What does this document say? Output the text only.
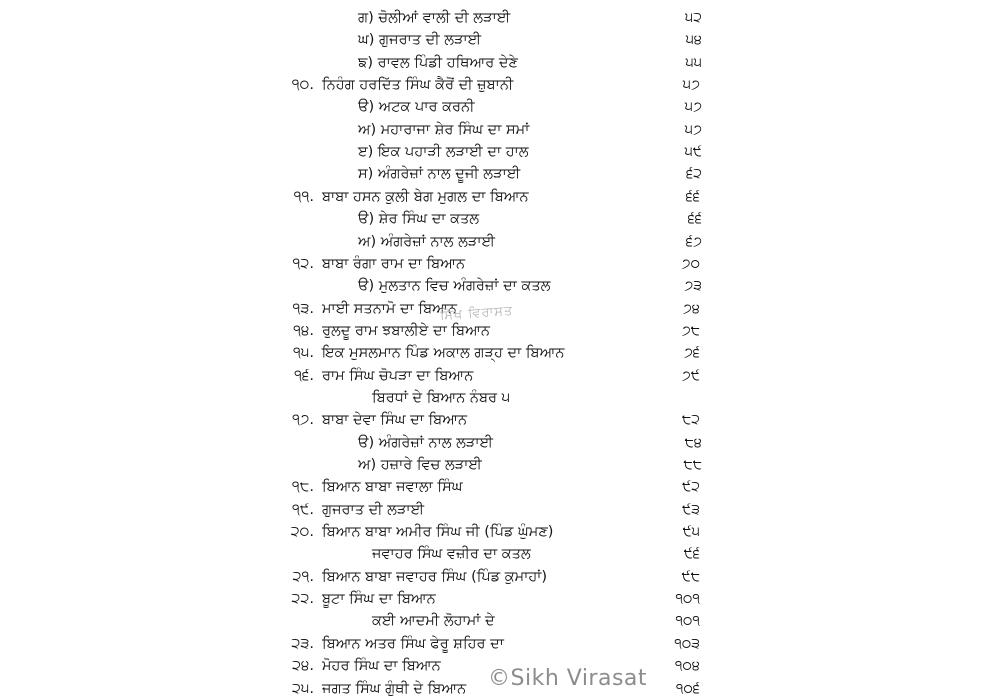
ਗ) ਚੋਲੀਆਂ ਵਾਲੀ ਦੀ ਲੜਾਈ	੫੨
ਘ) ਗੁਜਰਾਤ ਦੀ ਲੜਾਈ	੫੪
ਙ) ਰਾਵਲ ਪਿੰਡੀ ਹਥਿਆਰ ਦੇਣੇ	੫੫
੧੦. ਨਿਹੰਗ ਹਰਦਿੱਤ ਸਿੰਘ ਕੈਰੋਂ ਦੀ ਜ਼ੁਬਾਨੀ	੫੭
ੳ) ਅਟਕ ਪਾਰ ਕਰਨੀ	੫੭
ਅ) ਮਹਾਰਾਜਾ ਸ਼ੇਰ ਸਿੰਘ ਦਾ ਸਮਾਂ	੫੭
ੲ) ਇਕ ਪਹਾੜੀ ਲੜਾਈ ਦਾ ਹਾਲ	੫੯
ਸ) ਅੰਗਰੇਜ਼ਾਂ ਨਾਲ ਦੂਜੀ ਲੜਾਈ	੬੨
੧੧. ਬਾਬਾ ਹਸਨ ਕੁਲੀ ਬੇਗ ਮੁਗਲ ਦਾ ਬਿਆਨ	੬੬
ੳ) ਸ਼ੇਰ ਸਿੰਘ ਦਾ ਕਤਲ	੬੬
ਅ) ਅੰਗਰੇਜ਼ਾਂ ਨਾਲ ਲੜਾਈ	੬੭
੧੨. ਬਾਬਾ ਰੰਗਾ ਰਾਮ ਦਾ ਬਿਆਨ	੭੦
ੳ) ਮੁਲਤਾਨ ਵਿਚ ਅੰਗਰੇਜ਼ਾਂ ਦਾ ਕਤਲ	੭੩
੧੩. ਮਾਈ ਸਤਨਾਮੋ ਦਾ ਬਿਆਨ	੭੪
੧੪. ਰੁਲਦੂ ਰਾਮ ਝਬਾਲੀਏ ਦਾ ਬਿਆਨ	੭੮
੧੫. ਇਕ ਮੁਸਲਮਾਨ ਪਿੰਡ ਅਕਾਲ ਗੜ੍ਹ ਦਾ ਬਿਆਨ	੭੬
੧੬. ਰਾਮ ਸਿੰਘ ਚੋਪੜਾ ਦਾ ਬਿਆਨ	੭੯
ਬਿਰਧਾਂ ਦੇ ਬਿਆਨ ਨੰਬਰ ੫
੧੭. ਬਾਬਾ ਦੇਵਾ ਸਿੰਘ ਦਾ ਬਿਆਨ	੮੨
ੳ) ਅੰਗਰੇਜ਼ਾਂ ਨਾਲ ਲੜਾਈ	੮੪
ਅ) ਹਜ਼ਾਰੇ ਵਿਚ ਲੜਾਈ	੮੮
੧੮. ਬਿਆਨ ਬਾਬਾ ਜਵਾਲਾ ਸਿੰਘ	੯੨
੧੯. ਗੁਜਰਾਤ ਦੀ ਲੜਾਈ	੯੩
੨੦. ਬਿਆਨ ਬਾਬਾ ਅਮੀਰ ਸਿੰਘ ਜੀ (ਪਿੰਡ ਘੁੰਮਣ)	੯੫
ਜਵਾਹਰ ਸਿੰਘ ਵਜ਼ੀਰ ਦਾ ਕਤਲ	੯੬
੨੧. ਬਿਆਨ ਬਾਬਾ ਜਵਾਹਰ ਸਿੰਘ (ਪਿੰਡ ਕੁਮਾਹਾਂ)	੯੮
੨੨. ਬੂਟਾ ਸਿੰਘ ਦਾ ਬਿਆਨ	੧੦੧
ਕਈ ਆਦਮੀ ਲੋਹਾਮਾਂ ਦੇ	੧੦੧
੨੩. ਬਿਆਨ ਅਤਰ ਸਿੰਘ ਫੇਰੂ ਸ਼ਹਿਰ ਦਾ	੧੦੩
੨੪. ਮੋਹਰ ਸਿੰਘ ਦਾ ਬਿਆਨ	੧੦੪
੨੫. ਜਗਤ ਸਿੰਘ ਗੁੰਥੀ ਦੇ ਬਿਆਨ	੧੦੬
ਸਿੱਖ ਵਿਰਾਸਤ
©Sikh Virasat
